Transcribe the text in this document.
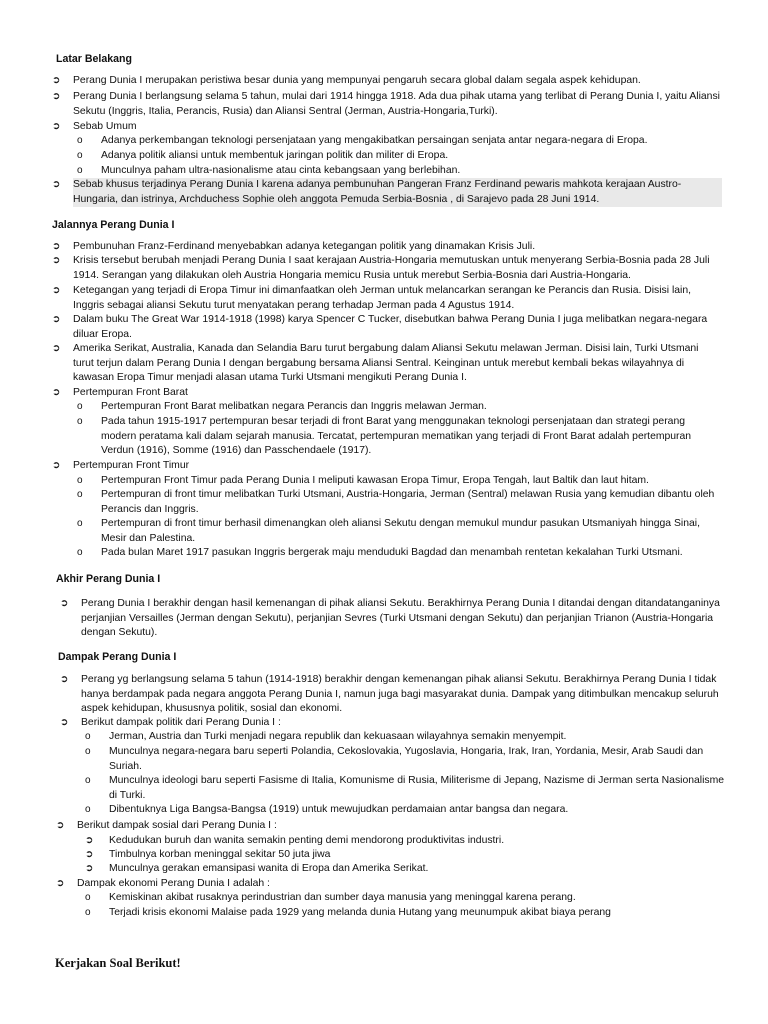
Latar Belakang
➲	Perang Dunia I merupakan peristiwa besar dunia yang mempunyai pengaruh secara global dalam segala aspek kehidupan.
➲	Perang Dunia I berlangsung selama 5 tahun, mulai dari 1914 hingga 1918. Ada dua pihak utama yang terlibat di Perang Dunia I, yaitu Aliansi Sekutu (Inggris, Italia, Perancis, Rusia) dan Aliansi Sentral (Jerman, Austria-Hongaria,Turki).
➲	Sebab Umum
o	Adanya perkembangan teknologi persenjataan yang mengakibatkan persaingan senjata antar negara-negara di Eropa.
o	Adanya politik aliansi untuk membentuk jaringan politik dan militer di Eropa.
o	Munculnya paham ultra-nasionalisme atau cinta kebangsaan yang berlebihan.
➲	Sebab khusus terjadinya Perang Dunia I karena adanya pembunuhan Pangeran Franz Ferdinand pewaris mahkota kerajaan Austro-Hungaria, dan istrinya, Archduchess Sophie oleh anggota Pemuda Serbia-Bosnia , di Sarajevo pada 28 Juni 1914.
Jalannya Perang Dunia I
➲	Pembunuhan Franz-Ferdinand menyebabkan adanya ketegangan politik yang dinamakan Krisis Juli.
➲	Krisis tersebut berubah menjadi Perang Dunia I saat kerajaan Austria-Hongaria memutuskan untuk menyerang Serbia-Bosnia pada 28 Juli 1914. Serangan yang dilakukan oleh Austria Hongaria memicu Rusia untuk merebut Serbia-Bosnia dari Austria-Hongaria.
➲	Ketegangan yang terjadi di Eropa Timur ini dimanfaatkan oleh Jerman untuk melancarkan serangan ke Perancis dan Rusia. Disisi lain, Inggris sebagai aliansi Sekutu turut menyatakan perang terhadap Jerman pada 4 Agustus 1914.
➲	Dalam buku The Great War 1914-1918 (1998) karya Spencer C Tucker, disebutkan bahwa Perang Dunia I juga melibatkan negara-negara diluar Eropa.
➲	Amerika Serikat, Australia, Kanada dan Selandia Baru turut bergabung dalam Aliansi Sekutu melawan Jerman. Disisi lain, Turki Utsmani turut terjun dalam Perang Dunia I dengan bergabung bersama Aliansi Sentral. Keinginan untuk merebut kembali bekas wilayahnya di kawasan Eropa Timur menjadi alasan utama Turki Utsmani mengikuti Perang Dunia I.
➲	Pertempuran Front Barat
o	Pertempuran Front Barat melibatkan negara Perancis dan Inggris melawan Jerman.
o	Pada tahun 1915-1917 pertempuran besar terjadi di front Barat yang menggunakan teknologi persenjataan dan strategi perang modern peratama kali dalam sejarah manusia. Tercatat, pertempuran mematikan yang terjadi di Front Barat adalah pertempuran Verdun (1916), Somme (1916) dan Passchendaele (1917).
➲	Pertempuran Front Timur
o	Pertempuran Front Timur pada Perang Dunia I meliputi kawasan Eropa Timur, Eropa Tengah, laut Baltik dan laut hitam.
o	Pertempuran di front timur melibatkan Turki Utsmani, Austria-Hongaria, Jerman (Sentral) melawan Rusia yang kemudian dibantu oleh Perancis dan Inggris.
o	Pertempuran di front timur berhasil dimenangkan oleh aliansi Sekutu dengan memukul mundur pasukan Utsmaniyah hingga Sinai, Mesir dan Palestina.
o	Pada bulan Maret 1917 pasukan Inggris bergerak maju menduduki Bagdad dan menambah rentetan kekalahan Turki Utsmani.
Akhir Perang Dunia I
➲	Perang Dunia I berakhir dengan hasil kemenangan di pihak aliansi Sekutu. Berakhirnya Perang Dunia I ditandai dengan ditandatanganinya perjanjian Versailles (Jerman dengan Sekutu), perjanjian Sevres (Turki Utsmani dengan Sekutu) dan perjanjian Trianon (Austria-Hongaria dengan Sekutu).
Dampak Perang Dunia I
➲	Perang yg berlangsung selama 5 tahun (1914-1918) berakhir dengan kemenangan pihak aliansi Sekutu. Berakhirnya Perang Dunia I tidak hanya berdampak pada negara anggota Perang Dunia I, namun juga bagi masyarakat dunia. Dampak yang ditimbulkan mencakup seluruh aspek kehidupan, khususnya politik, sosial dan ekonomi.
➲	Berikut dampak politik dari Perang Dunia I :
o	Jerman, Austria dan Turki menjadi negara republik dan kekuasaan wilayahnya semakin menyempit.
o	Munculnya negara-negara baru seperti Polandia, Cekoslovakia, Yugoslavia, Hongaria, Irak, Iran, Yordania, Mesir, Arab Saudi dan Suriah.
o	Munculnya ideologi baru seperti Fasisme di Italia, Komunisme di Rusia, Militerisme di Jepang, Nazisme di Jerman serta Nasionalisme di Turki.
o	Dibentuknya Liga Bangsa-Bangsa (1919) untuk mewujudkan perdamaian antar bangsa dan negara.
➲	Berikut dampak sosial dari Perang Dunia I :
➲	Kedudukan buruh dan wanita semakin penting demi mendorong produktivitas industri.
➲	Timbulnya korban meninggal sekitar 50 juta jiwa
➲	Munculnya gerakan emansipasi wanita di Eropa dan Amerika Serikat.
➲	Dampak ekonomi Perang Dunia I adalah :
o	Kemiskinan akibat rusaknya perindustrian dan sumber daya manusia yang meninggal karena perang.
o	Terjadi krisis ekonomi Malaise pada 1929 yang melanda dunia Hutang yang meunumpuk akibat biaya perang
Kerjakan Soal Berikut!
